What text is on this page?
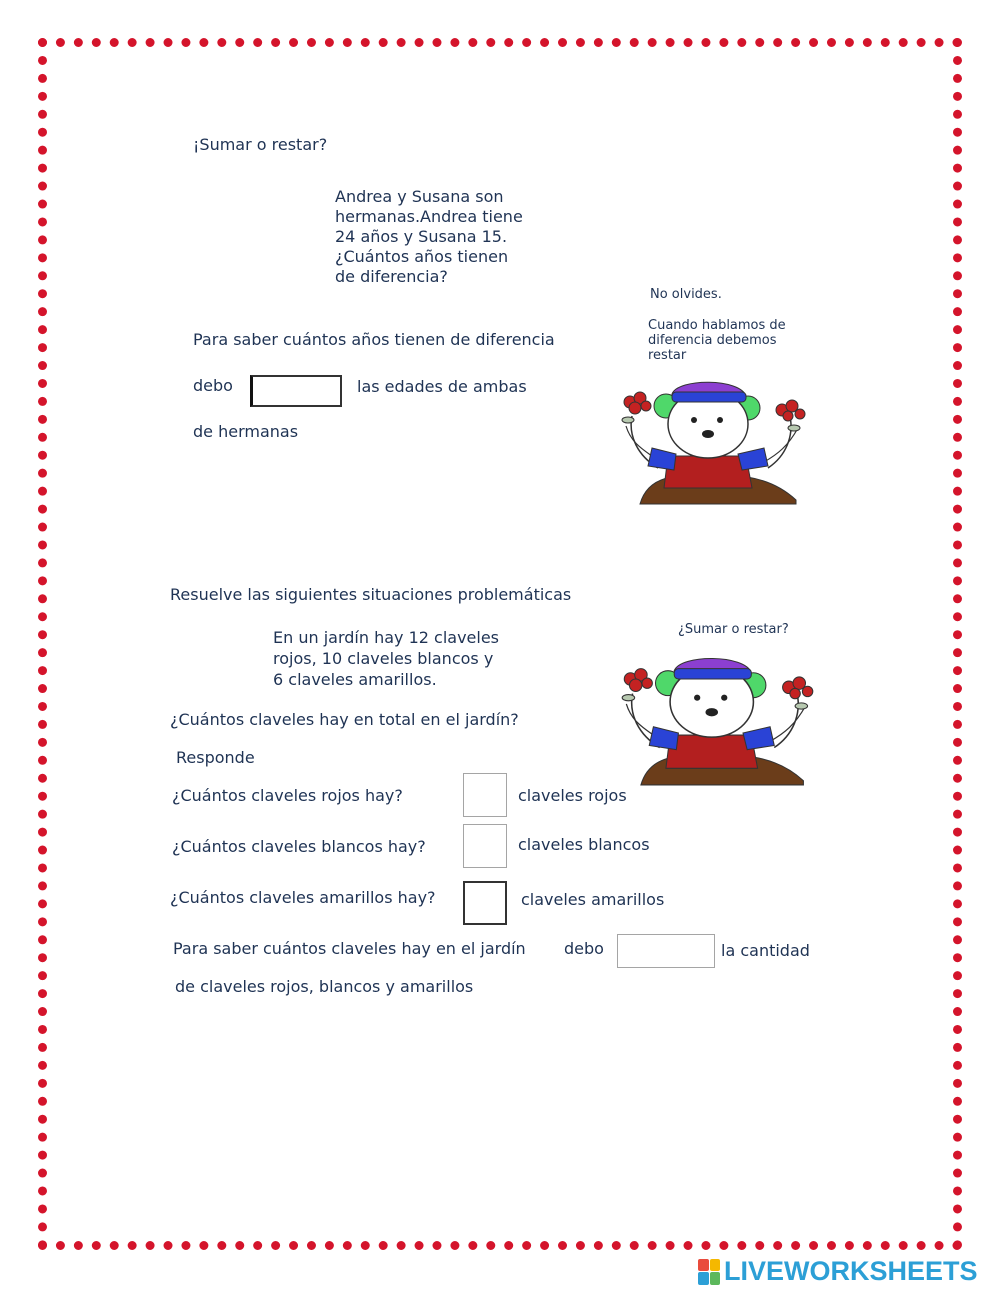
¡Sumar o restar?
Andrea y Susana son
hermanas.Andrea tiene
24 años y Susana 15.
¿Cuántos años tienen
de diferencia?
Para saber cuántos años tienen de diferencia
debo	las edades de ambas
de hermanas
No olvides.
Cuando hablamos de
diferencia debemos
restar
Resuelve las siguientes situaciones problemáticas
En un jardín hay 12 claveles
rojos, 10 claveles blancos y
6 claveles amarillos.
¿Sumar o restar?
¿Cuántos claveles hay en total en el jardín?
Responde
¿Cuántos claveles rojos hay?	claveles rojos
¿Cuántos claveles blancos hay?	claveles blancos
¿Cuántos claveles amarillos hay?	claveles amarillos
Para saber cuántos claveles hay en el jardín debo	la cantidad
de claveles rojos, blancos y amarillos
LIVEWORKSHEETS
